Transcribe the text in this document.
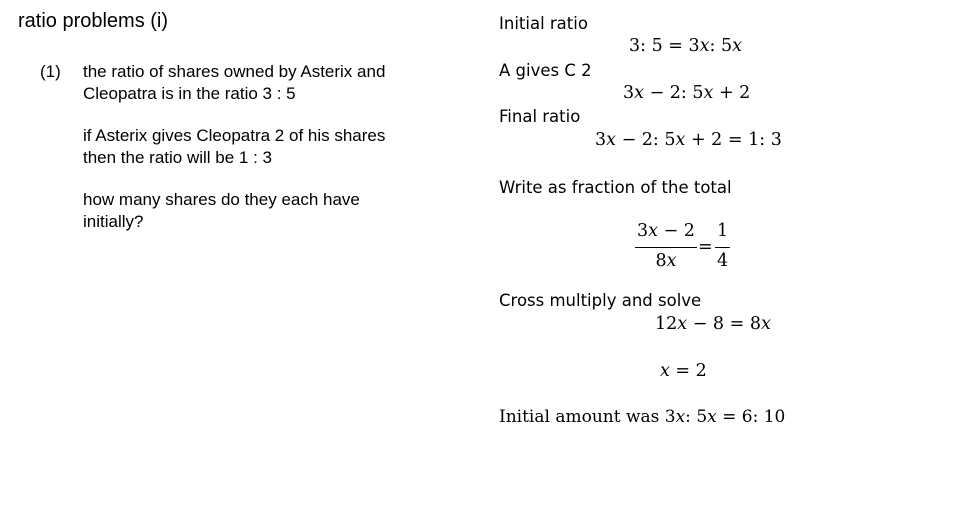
ratio problems (i)
(1) the ratio of shares owned by Asterix and
Cleopatra is in the ratio 3 : 5
if Asterix gives Cleopatra 2 of his shares
then the ratio will be 1 : 3
how many shares do they each have
initially?
Initial ratio
3: 5 = 3𝑥: 5𝑥
A gives C 2
3𝑥 − 2: 5𝑥 + 2
Final ratio
3𝑥 − 2: 5𝑥 + 2 = 1: 3
Write as fraction of the total
3𝑥 − 2
8𝑥
=
1
4
Cross multiply and solve
12𝑥 − 8 = 8𝑥
𝑥 = 2
Initial amount was 3𝑥: 5𝑥 = 6: 10
